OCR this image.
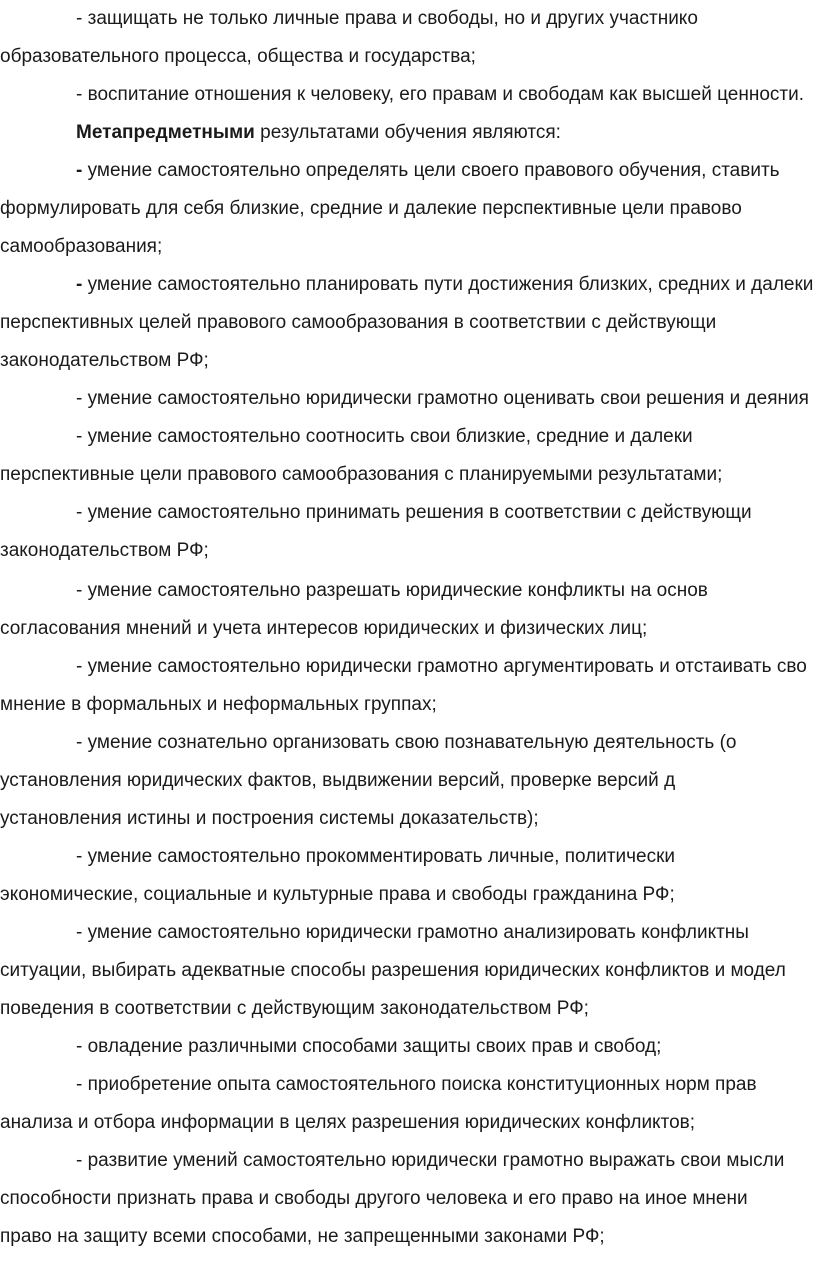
- защищать не только личные права и свободы, но и других участнико
образовательного процесса, общества и государства;
- воспитание отношения к человеку, его правам и свободам как высшей ценности.
Метапредметными результатами обучения являются:
- умение самостоятельно определять цели своего правового обучения, ставить
формулировать для себя близкие, средние и далекие перспективные цели правово
самообразования;
- умение самостоятельно планировать пути достижения близких, средних и далеки
перспективных целей правового самообразования в соответствии с действующи
законодательством РФ;
- умение самостоятельно юридически грамотно оценивать свои решения и деяния
- умение самостоятельно соотносить свои близкие, средние и далеки
перспективные цели правового самообразования с планируемыми результатами;
- умение самостоятельно принимать решения в соответствии с действующи
законодательством РФ;
- умение самостоятельно разрешать юридические конфликты на основ
согласования мнений и учета интересов юридических и физических лиц;
- умение самостоятельно юридически грамотно аргументировать и отстаивать сво
мнение в формальных и неформальных группах;
- умение сознательно организовать свою познавательную деятельность (о
установления юридических фактов, выдвижении версий, проверке версий д
установления истины и построения системы доказательств);
- умение самостоятельно прокомментировать личные, политически
экономические, социальные и культурные права и свободы гражданина РФ;
- умение самостоятельно юридически грамотно анализировать конфликтны
ситуации, выбирать адекватные способы разрешения юридических конфликтов и модел
поведения в соответствии с действующим законодательством РФ;
- овладение различными способами защиты своих прав и свобод;
- приобретение опыта самостоятельного поиска конституционных норм прав
анализа и отбора информации в целях разрешения юридических конфликтов;
- развитие умений самостоятельно юридически грамотно выражать свои мысли
способности признать права и свободы другого человека и его право на иное мнени
право на защиту всеми способами, не запрещенными законами РФ;
